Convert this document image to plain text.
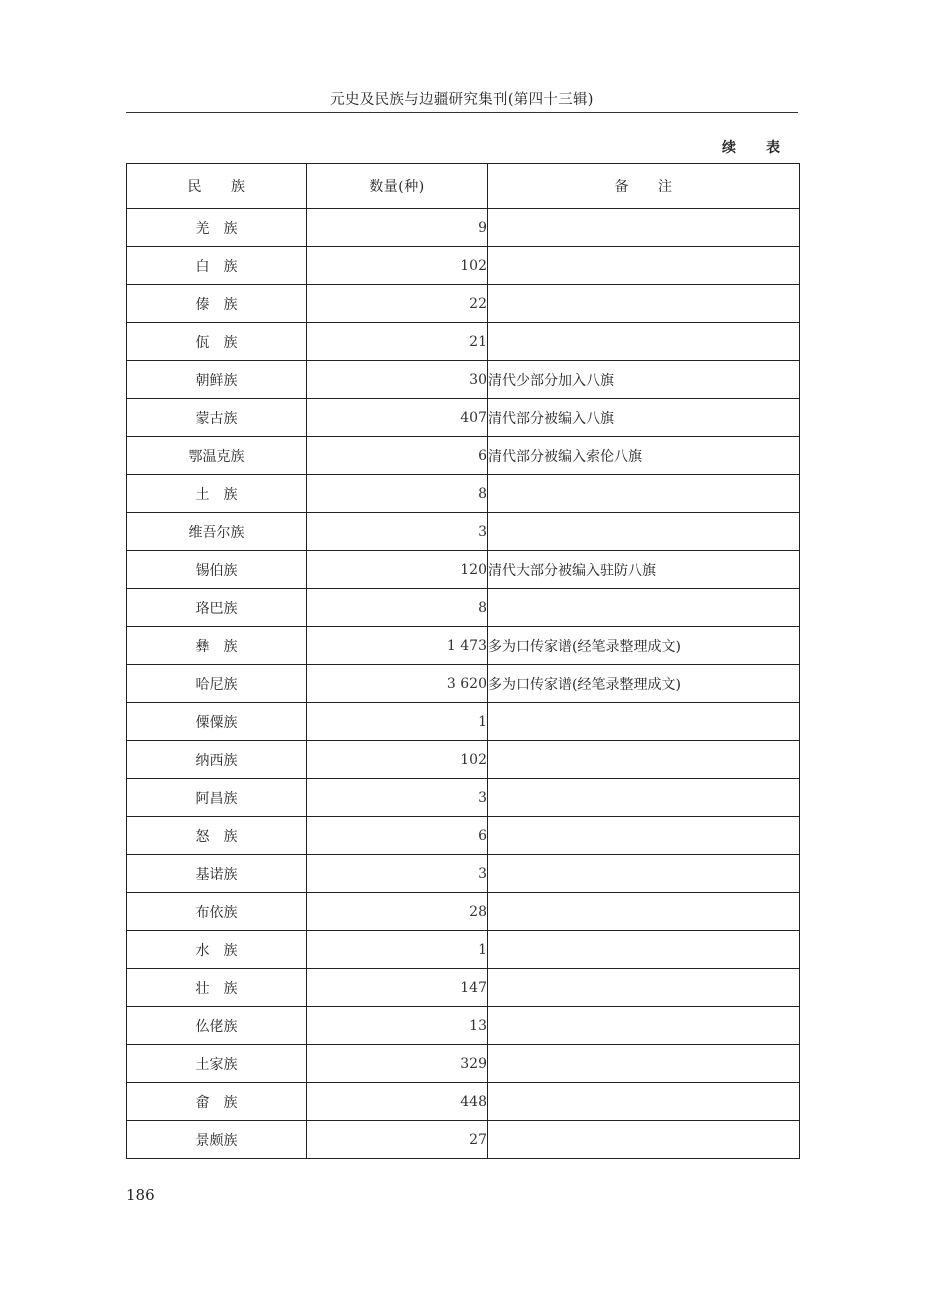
元史及民族与边疆研究集刊(第四十三辑)
续　表
民　　族	数量(种)	备　　注
羌　族	9	
白　族	102	
傣　族	22	
佤　族	21	
朝鲜族	30	清代少部分加入八旗
蒙古族	407	清代部分被编入八旗
鄂温克族	6	清代部分被编入索伦八旗
土　族	8	
维吾尔族	3	
锡伯族	120	清代大部分被编入驻防八旗
珞巴族	8	
彝　族	1 473	多为口传家谱(经笔录整理成文)
哈尼族	3 620	多为口传家谱(经笔录整理成文)
傈僳族	1	
纳西族	102	
阿昌族	3	
怒　族	6	
基诺族	3	
布依族	28	
水　族	1	
壮　族	147	
仫佬族	13	
土家族	329	
畲　族	448	
景颇族	27	
186
